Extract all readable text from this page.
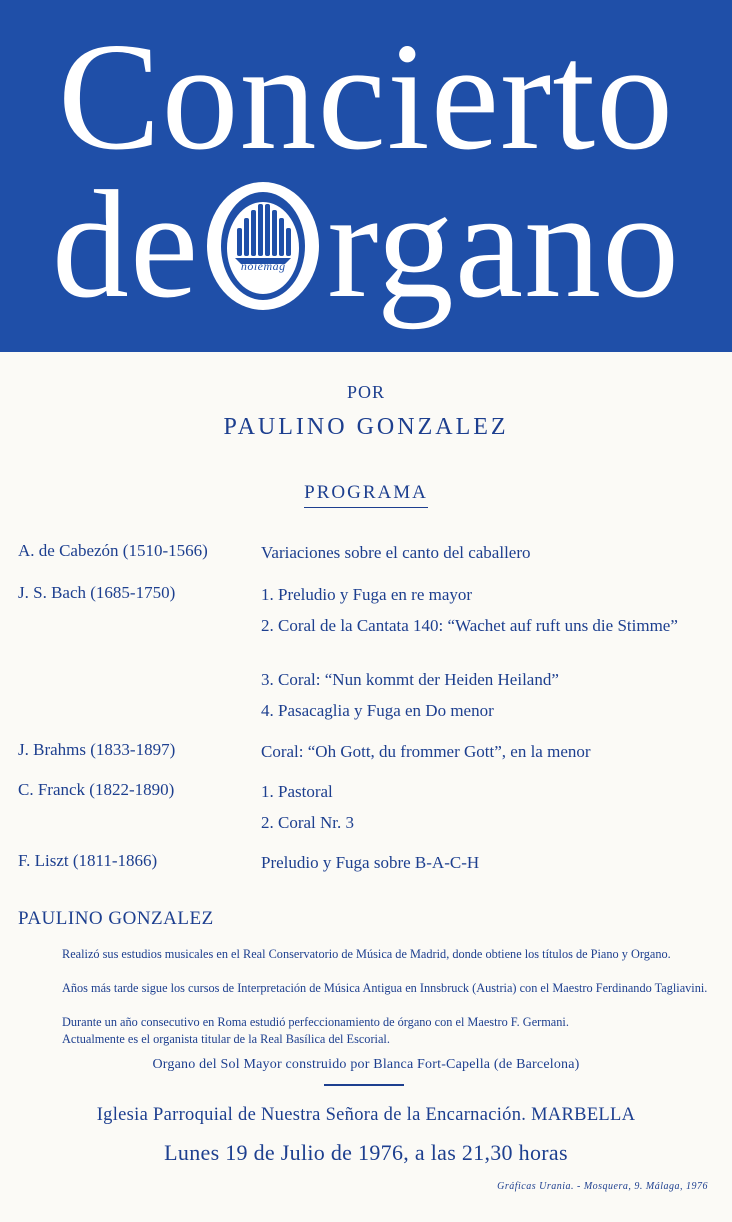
Concierto
de	noiemag rgano
POR
PAULINO GONZALEZ
PROGRAMA
A. de Cabezón (1510-1566)	Variaciones sobre el canto del caballero
J. S. Bach (1685-1750)	1. Preludio y Fuga en re mayor
2. Coral de la Cantata 140: “Wachet auf ruft uns die Stimme”
3. Coral: “Nun kommt der Heiden Heiland”
4. Pasacaglia y Fuga en Do menor
J. Brahms (1833-1897)	Coral: “Oh Gott, du frommer Gott”, en la menor
C. Franck (1822-1890)	1. Pastoral
2. Coral Nr. 3
F. Liszt (1811-1866)	Preludio y Fuga sobre B-A-C-H
PAULINO GONZALEZ

Realizó sus estudios musicales en el Real Conservatorio de Música de Madrid, donde obtiene los títulos de Piano y Organo.

Años más tarde sigue los cursos de Interpretación de Música Antigua en Innsbruck (Austria) con el Maestro Ferdinando Tagliavini.

Durante un año consecutivo en Roma estudió perfeccionamiento de órgano con el Maestro F. Germani.

Actualmente es el organista titular de la Real Basílica del Escorial.

Organo del Sol Mayor construido por Blanca Fort-Capella (de Barcelona)
Iglesia Parroquial de Nuestra Señora de la Encarnación. MARBELLA
Lunes 19 de Julio de 1976, a las 21,30 horas
Gráficas Urania. - Mosquera, 9. Málaga, 1976
